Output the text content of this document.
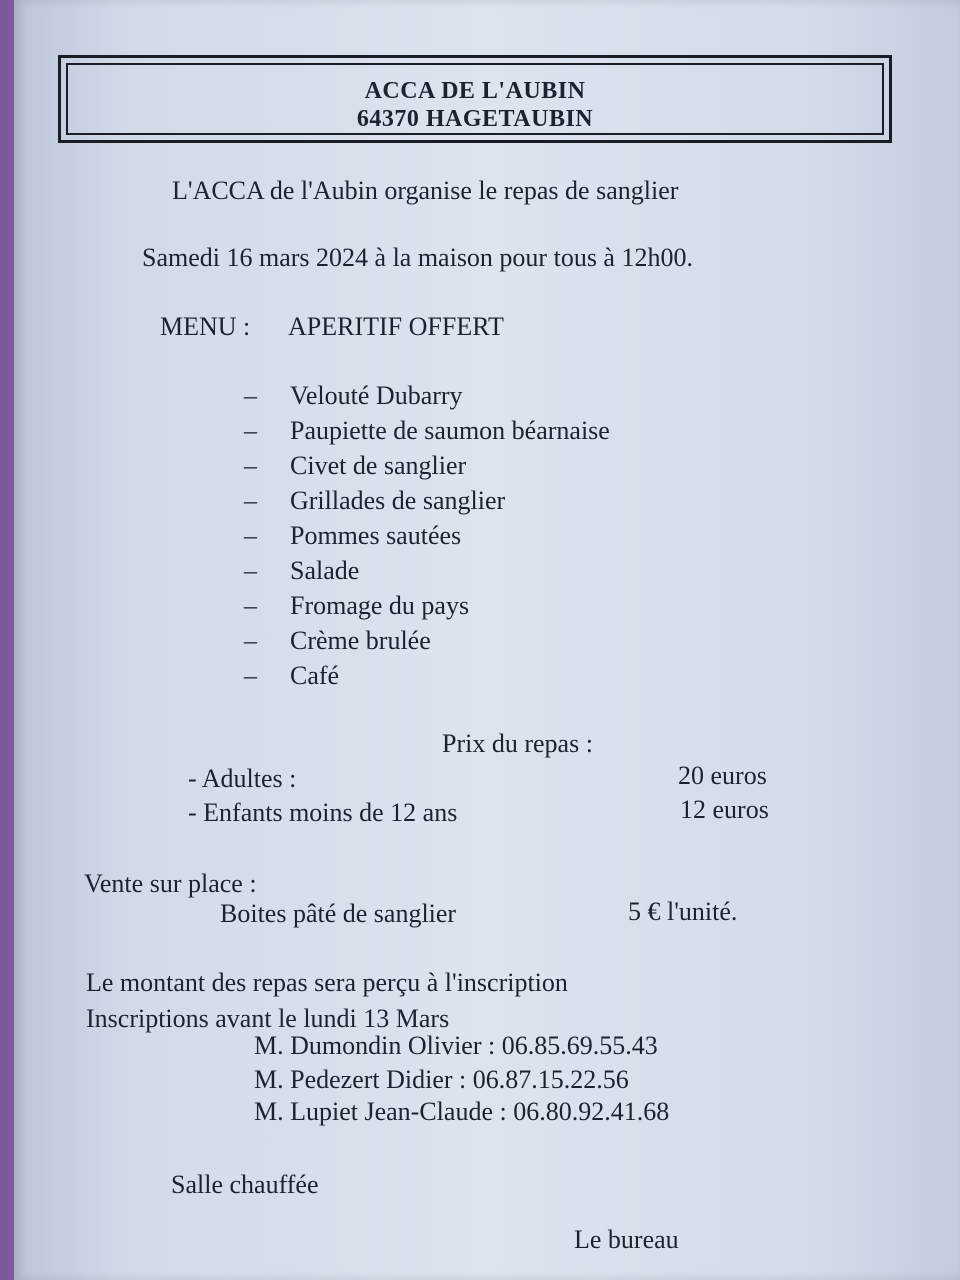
ACCA DE L'AUBIN
64370 HAGETAUBIN
L'ACCA de l'Aubin organise le repas de sanglier
Samedi 16 mars 2024 à la maison pour tous à 12h00.
MENU : APERITIF OFFERT
– Velouté Dubarry
– Paupiette de saumon béarnaise
– Civet de sanglier
– Grillades de sanglier
– Pommes sautées
– Salade
– Fromage du pays
– Crème brulée
– Café
Prix du repas :
- Adultes :	20 euros
- Enfants moins de 12 ans	12 euros
Vente sur place :
Boites pâté de sanglier	5 € l'unité.
Le montant des repas sera perçu à l'inscription
Inscriptions avant le lundi 13 Mars
M. Dumondin Olivier : 06.85.69.55.43
M. Pedezert Didier : 06.87.15.22.56
M. Lupiet Jean-Claude : 06.80.92.41.68
Salle chauffée
Le bureau
